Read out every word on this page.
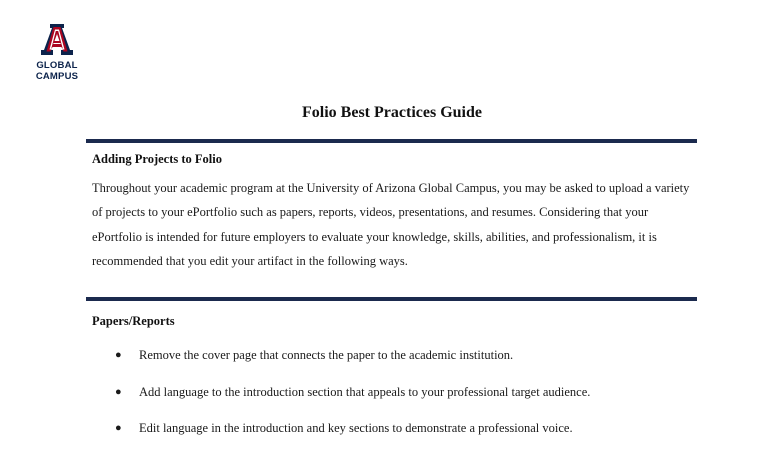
GLOBAL
CAMPUS
Folio Best Practices Guide
Adding Projects to Folio
Throughout your academic program at the University of Arizona Global Campus, you may be asked to upload a variety of projects to your ePortfolio such as papers, reports, videos, presentations, and resumes. Considering that your ePortfolio is intended for future employers to evaluate your knowledge, skills, abilities, and professionalism, it is recommended that you edit your artifact in the following ways.
Papers/Reports
● Remove the cover page that connects the paper to the academic institution.
● Add language to the introduction section that appeals to your professional target audience.
● Edit language in the introduction and key sections to demonstrate a professional voice.
